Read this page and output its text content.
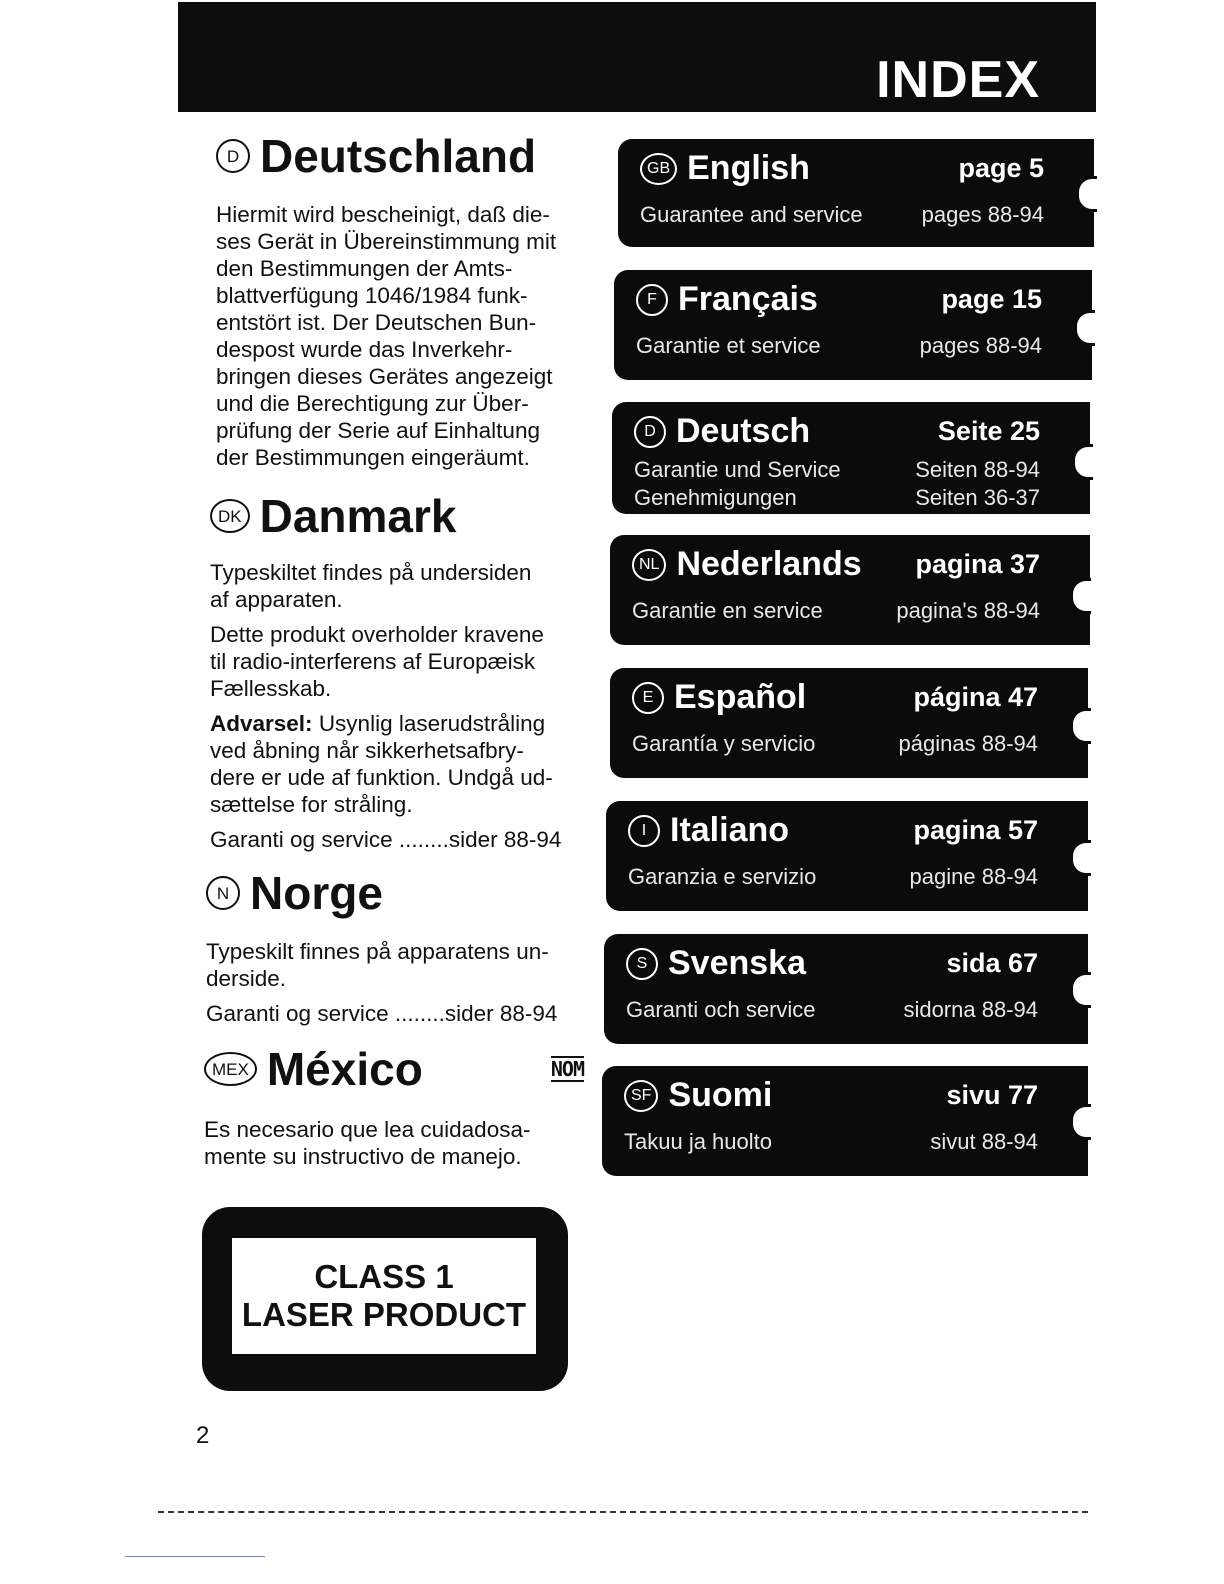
INDEX
D Deutschland

Hiermit wird bescheinigt, daß die-
ses Gerät in Übereinstimmung mit
den Bestimmungen der Amts-
blattverfügung 1046/1984 funk-
entstört ist. Der Deutschen Bun-
despost wurde das Inverkehr-
bringen dieses Gerätes angezeigt
und die Berechtigung zur Über-
prüfung der Serie auf Einhaltung
der Bestimmungen eingeräumt.

DK Danmark

Typeskiltet findes på undersiden
af apparaten.

Dette produkt overholder kravene
til radio-interferens af Europæisk
Fællesskab.

Advarsel: Usynlig laserudstråling
ved åbning når sikkerhetsafbry-
dere er ude af funktion. Undgå ud-
sættelse for stråling.

Garanti og service ........sider 88-94

N Norge

Typeskilt finnes på apparatens un-
derside.

Garanti og service ........sider 88-94

MEX México	NOM

Es necesario que lea cuidadosa-
mente su instructivo de manejo.

GB English	page 5
Guarantee and service	pages 88-94
F Français	page 15
Garantie et service	pages 88-94
D Deutsch	Seite 25
Garantie und Service	Seiten 88-94
Genehmigungen	Seiten 36-37
NL Nederlands pagina 37
Garantie en service	pagina's 88-94
E Español	página 47
Garantía y servicio	páginas 88-94
I Italiano	pagina 57
Garanzia e servizio	pagine 88-94
S Svenska	sida 67
Garanti och service	sidorna 88-94
SF Suomi	sivu 77
Takuu ja huolto	sivut 88-94
CLASS 1
LASER PRODUCT
2
